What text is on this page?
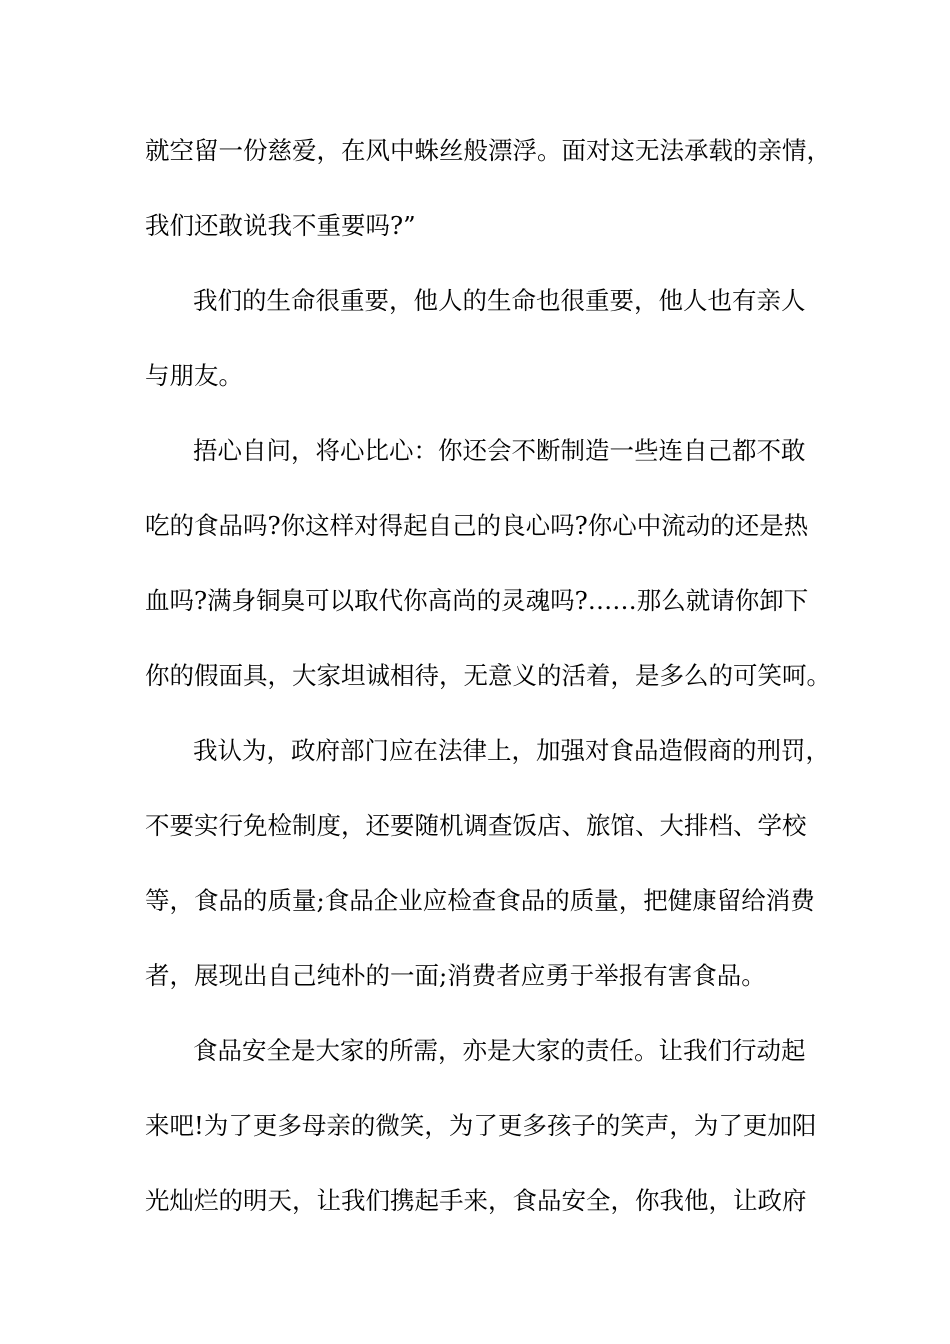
就空留一份慈爱，在风中蛛丝般漂浮。面对这无法承载的亲情，
我们还敢说我不重要吗?”
我们的生命很重要，他人的生命也很重要，他人也有亲人
与朋友。
捂心自问，将心比心：你还会不断制造一些连自己都不敢
吃的食品吗?你这样对得起自己的良心吗?你心中流动的还是热
血吗?满身铜臭可以取代你高尚的灵魂吗?……那么就请你卸下
你的假面具，大家坦诚相待，无意义的活着，是多么的可笑呵。
我认为，政府部门应在法律上，加强对食品造假商的刑罚，
不要实行免检制度，还要随机调查饭店、旅馆、大排档、学校
等，食品的质量;食品企业应检查食品的质量，把健康留给消费
者，展现出自己纯朴的一面;消费者应勇于举报有害食品。
食品安全是大家的所需，亦是大家的责任。让我们行动起
来吧!为了更多母亲的微笑，为了更多孩子的笑声，为了更加阳
光灿烂的明天，让我们携起手来，食品安全，你我他，让政府
